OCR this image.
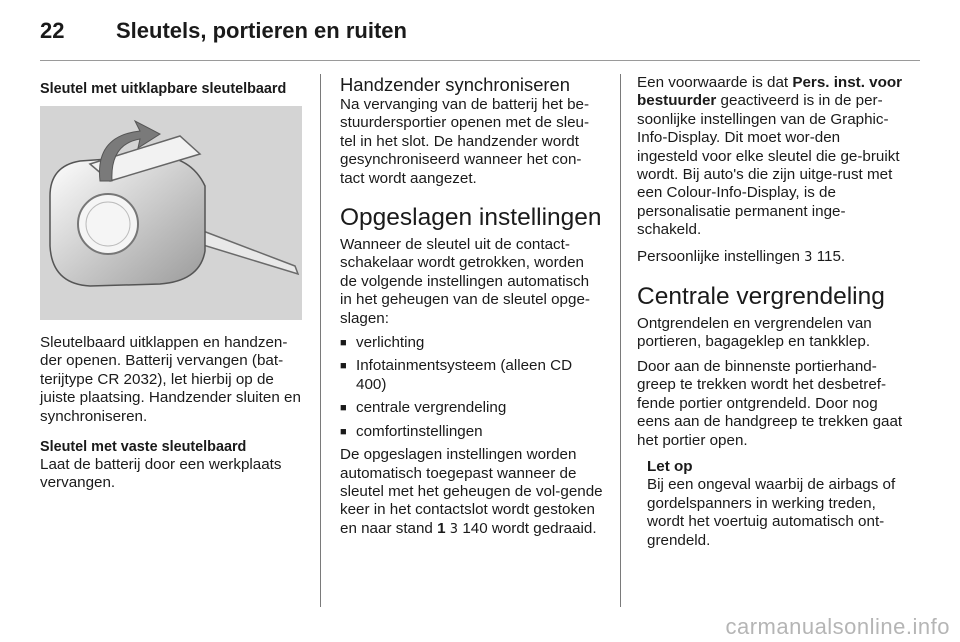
22 Sleutels, portieren en ruiten

Sleutel met uitklapbare sleutelbaard

Sleutelbaard uitklappen en handzen-der openen. Batterij vervangen (bat-terijtype CR 2032), let hierbij op de juiste plaatsing. Handzender sluiten en synchroniseren.

Sleutel met vaste sleutelbaard

Laat de batterij door een werkplaats vervangen.

Handzender synchroniseren

Na vervanging van de batterij het be-stuurdersportier openen met de sleu-tel in het slot. De handzender wordt gesynchroniseerd wanneer het con-tact wordt aangezet.

Opgeslagen instellingen

Wanneer de sleutel uit de contact-schakelaar wordt getrokken, worden de volgende instellingen automatisch in het geheugen van de sleutel opge-slagen:

■ verlichting
■ Infotainmentsysteem (alleen CD 400)
■ centrale vergrendeling
■ comfortinstellingen

De opgeslagen instellingen worden automatisch toegepast wanneer de sleutel met het geheugen de vol-gende keer in het contactslot wordt gestoken en naar stand 1 3 140 wordt gedraaid.

Een voorwaarde is dat Pers. inst. voor bestuurder geactiveerd is in de per-soonlijke instellingen van de Graphic-Info-Display. Dit moet wor-den ingesteld voor elke sleutel die ge-bruikt wordt. Bij auto's die zijn uitge-rust met een Colour-Info-Display, is de personalisatie permanent inge-schakeld.

Persoonlijke instellingen 3 115.

Centrale vergrendeling

Ontgrendelen en vergrendelen van portieren, bagageklep en tankklep.

Door aan de binnenste portierhand-greep te trekken wordt het desbetref-fende portier ontgrendeld. Door nog eens aan de handgreep te trekken gaat het portier open.

Let op

Bij een ongeval waarbij de airbags of gordelspanners in werking treden, wordt het voertuig automatisch ont-grendeld.

carmanualsonline.info
